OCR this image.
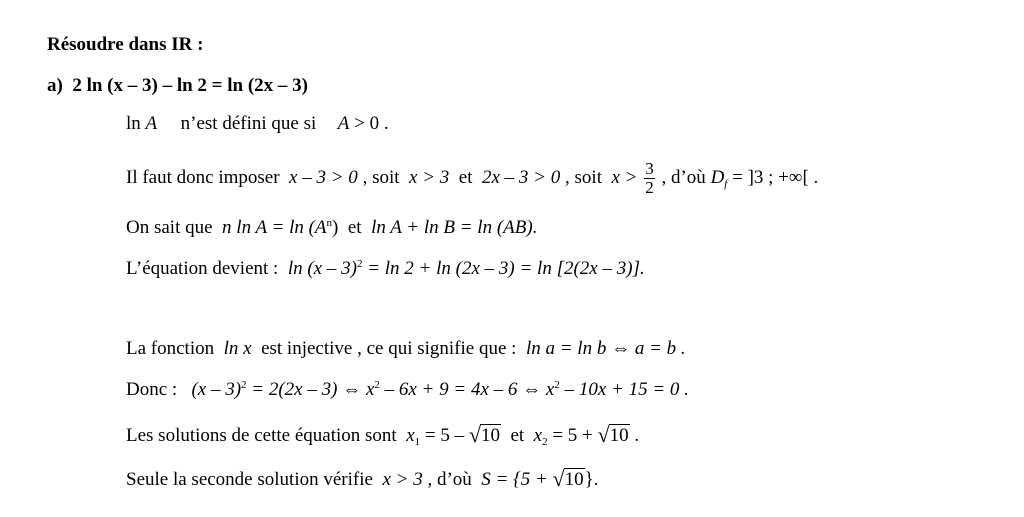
Résoudre dans IR :
a) 2 ln (x – 3) – ln 2 = ln (2x – 3)
ln A n’est défini que si A > 0 .
Il faut donc imposer x – 3 > 0 , soit x > 3 et 2x – 3 > 0 , soit $x > \frac{3}{2}$ , d’où $D_f = ]3$ ; +∞[ .
On sait que n $\ln A = \ln (A^n)$ et ln A + ln B = ln (AB).
L’équation devient : ln (x – 3)$^2$ = ln 2 + ln (2x – 3) = ln [2(2x – 3)].
La fonction ln x est injective , ce qui signifie que : ln a = ln b ⇔ a = b .
Donc : (x – 3)$^2$ = 2(2x – 3) ⇔ $x^2 - 6x + 9 = 4x - 6$ ⇔ $x^2 - 10x + 15 = 0$ .
Les solutions de cette équation sont $x_1 = 5 - √10$ et $x_2 = 5 + √10$ .
Seule la seconde solution vérifie x > 3 , d’où S = {5 + √10}.
